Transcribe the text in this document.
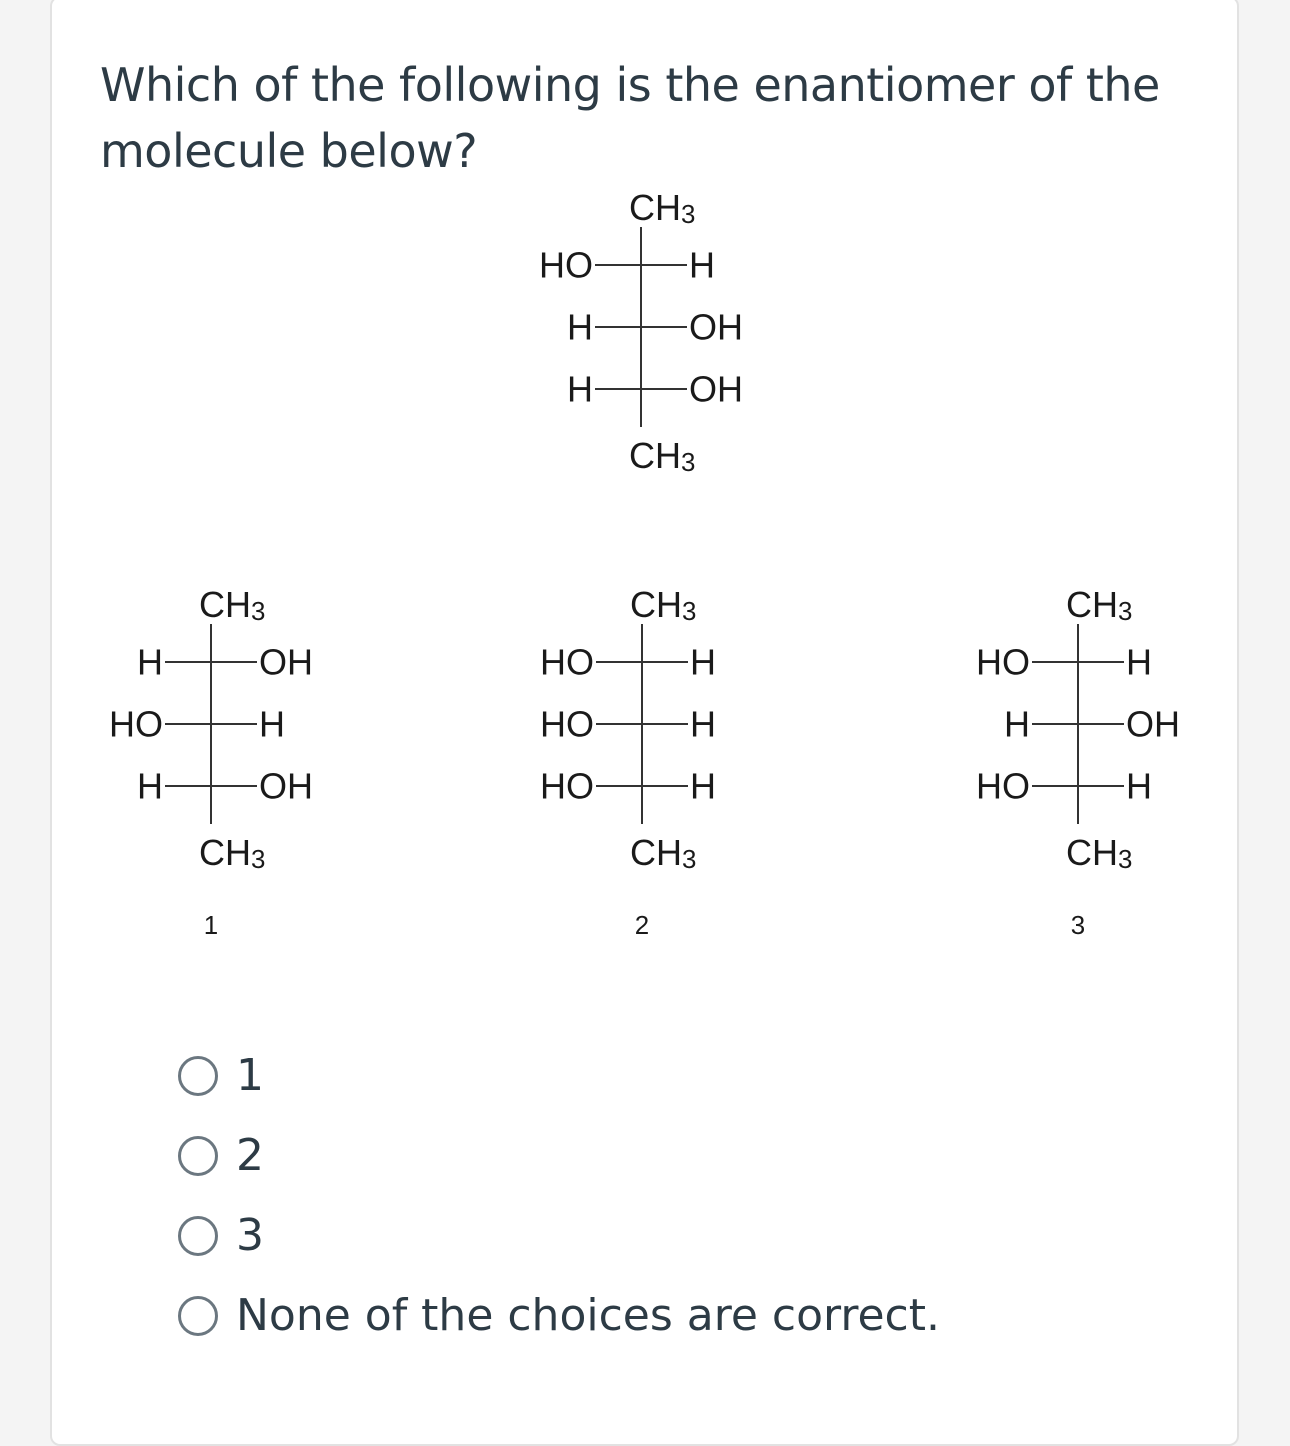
Which of the following is the enantiomer of the molecule below?

$CH_3$
HO	H
H	OH
H	OH
$CH_3$
$CH_3$
H	OH
HO	H
H	OH
$CH_3$
$_1$
$CH_3$
HO	H
HO	H
HO	H
$CH_3$
$_2$
$CH_3$
HO	H
H	OH
HO	H
$CH_3$
$_3$
1
2
3
None of the choices are correct.
